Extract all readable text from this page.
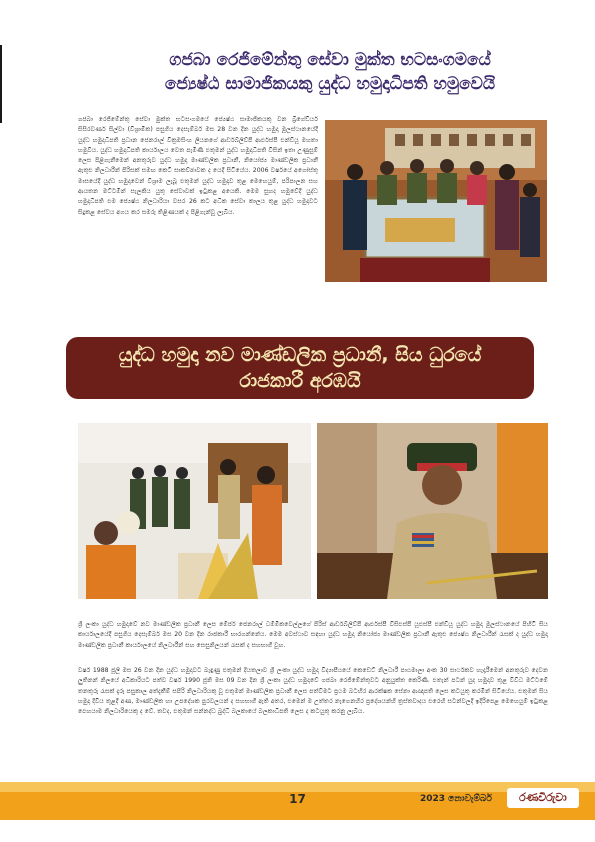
ගජබා රෙජිමේන්තු සේවා මුක්ත භටසංගමයේ
ජ්‍යෙෂ්ඨ සාමාජිකයකු යුද්ධ හමුදාධිපති හමුවෙයි
ගජබා රෙජිමේන්තු සේවා මුක්ත භටසංගමයේ ජ්‍යෙෂ්ඨ සාමාජිකයකු වන බ්‍රිගේඩියර් සිසිරවර්ණ සිල්වා (විශ්‍රාමික) පසුගිය දෙසැම්බර් මස 28 වන දින යුද්ධ හමුදා මූලස්ථානයේදී යුද්ධ හමුදාධිපති ප්‍රධාන ජෙනරාල් වික්‍රමසිංහ ලියනගේ ආර්ඩබ්ලිව්පී ආර්එස්පී එන්ඩියූ මහතා හමුවිය. යුද්ධ හමුදාධිපති කාර්යාලය වෙත පැමිණි එතුමන් යුද්ධ හමුදාධිපති විසින් ඉතා උණුසුම් ලෙස පිළිගැනීමෙන් අනතුරුව යුද්ධ හමුදා මාණ්ඩලික ප්‍රධානී, නියෝජ්‍ය මාණ්ඩලික ප්‍රධානී ඇතුළු නිලධාරීන් පිරිසක් සමඟ කෙටි සාකච්ඡාවක ද යෙදී සිටියේය. 2006 වර්ෂයේ අගෝස්තු මාසයේදී යුද්ධ හමුදාවෙන් විශ්‍රාම ලැබූ එතුමන් යුද්ධ හමුදාව තුළ මෙහෙයුම්, පරිපාලන සහ ආයතන මට්ටමින් සැලකිය යුතු සේවාවක් ඉටුකළ අයෙකි. මෙම සුහද හමුවේදී යුද්ධ හමුදාධිපති එම ජ්‍යෙෂ්ඨ නිලධාරියා වසර 26 කට අධික සේවා කාලය තුළ යුද්ධ හමුදාවට සිදුකළ සේවය අගය කර සමරු තිළිණයක් ද පිළිගැන්වූ ලැබිය.
යුද්ධ හමුදා නව මාණ්ඩලික ප්‍රධානී, සිය ධුරයේ
රාජකාරී අරඹයි
ශ්‍රී ලංකා යුද්ධ හමුදාවේ නව මාණ්ඩලික ප්‍රධානී ලෙස මේජර් ජෙනරාල් ධම්මිකවෙල්ලගේ පිරිස් ආර්ඩබ්ලිව්පී ආර්එස්පී විසිඑස්පී යූඑස්පී එන්ඩියූ යුද්ධ හමුදා මූලස්ථානයේ පිහිටි සිය කාර්යාලයේදී පසුගිය දෙසැම්බර් මස 20 වන දින රාජකාරී භාරගන්නේය. මෙම අවස්ථාව සඳහා යුද්ධ හමුදා නියෝජ්‍ය මාණ්ඩලික ප්‍රධානී ඇතුළු ජ්‍යෙෂ්ඨ නිලධාරීන් රැසක් ද යුද්ධ හමුදා මාණ්ඩලික ප්‍රධානී කාර්යාලයේ නිලධාරීන් සහ සෙසුනිලයන් රැසක් ද සහභාගී වූහ.
වර්ෂ 1988 ජූලි මස 26 වන දින යුද්ධ හමුදාවට බැඳුණු එතුමන් දියතලාව ශ්‍රී ලංකා යුද්ධ හමුදා විද්‍යාපීඨයේ කෙඩෙට් නිලධාරී පාඨමාලා අංක 30 සාර්ථකව හැදෑරීමෙන් අනතුරුව දෙවන ලුතිනන් නිලයේ අධිකාරියට පත්ව වර්ෂ 1990 ජූනි මස 09 වන දින ශ්‍රී ලංකා යුද්ධ හමුදාවේ ගජබා රෙජිමේන්තුවට අනුයුක්ත කෙරිණි. එතැන් පටන් යුද හමුදාව තුළ විවිධ මට්ටමේ තනතුරු රැසක් දැරූ පසුකාල අත්දැකීම් සපිරි නිලධාරියකු වූ එතුමන් මාණ්ඩලික ප්‍රධානී ලෙස පත්වීමට ප්‍රථම බටහිර ආරක්ෂක සේනා ආඥාපති ලෙස කටයුතු කරමින් සිටියේය. එතුමන් සිය හමුදා දිවිය තුළදී අණ, මාණ්ඩලික හා උපදේශක පුරවලයන් ද සහභාගී ඇති අතර, එමෙන් ම උත්තර නැගෙනහිර ප්‍රදේශයන්හි ත්‍රස්තවාදය එරෙහි සටන්වලදී ඉදිරිපෙළ මෙහෙයුම් ඉටුකළ ඵෙහයාම නිලධාරියෙකු ද වේ. තවද, එතුමන් සන්නද්ධ බුද්ධි බලකායේ බලකාධිපති ලෙස ද කටයුතු කරනු ලැබිය.
17	2023 නොවැම්බර්	රණවිරුවා
